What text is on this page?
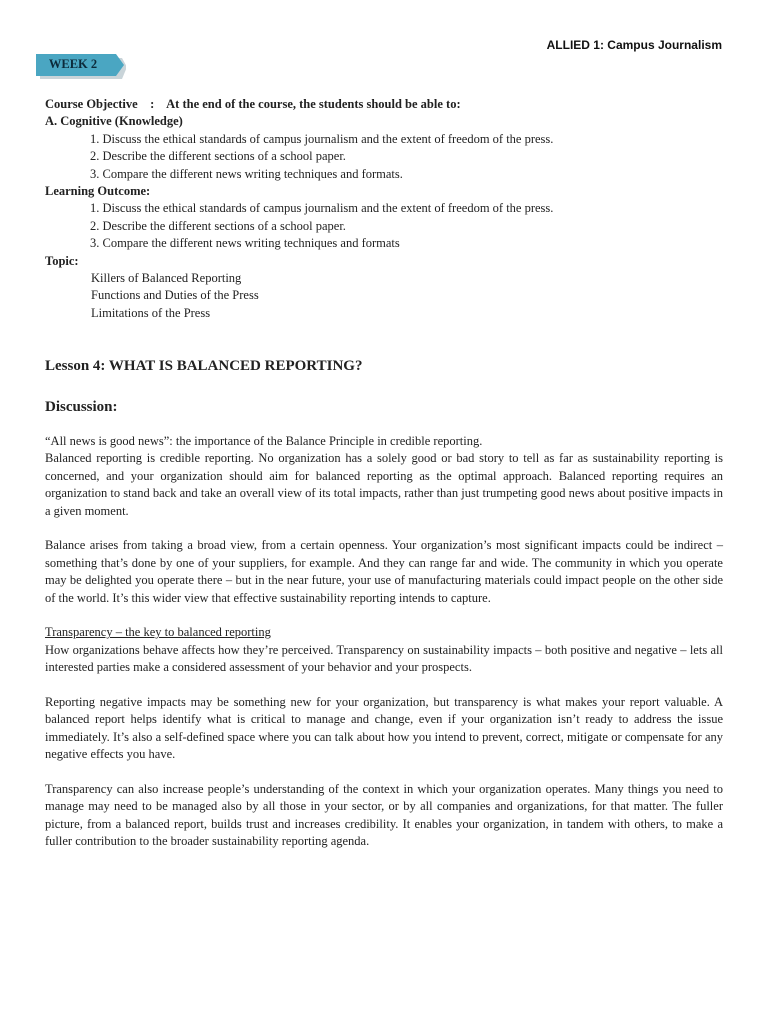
ALLIED 1: Campus Journalism
WEEK 2
Course Objective    :    At the end of the course, the students should be able to:
A. Cognitive (Knowledge)
1. Discuss the ethical standards of campus journalism and the extent of freedom of the press.
2. Describe the different sections of a school paper.
3. Compare the different news writing techniques and formats.
Learning Outcome:
1. Discuss the ethical standards of campus journalism and the extent of freedom of the press.
2. Describe the different sections of a school paper.
3. Compare the different news writing techniques and formats
Topic:
Killers of Balanced Reporting
Functions and Duties of the Press
Limitations of the Press
Lesson 4: WHAT IS BALANCED REPORTING?
Discussion:

“All news is good news”: the importance of the Balance Principle in credible reporting.

Balanced reporting is credible reporting. No organization has a solely good or bad story to tell as far as sustainability reporting is concerned, and your organization should aim for balanced reporting as the optimal approach. Balanced reporting requires an organization to stand back and take an overall view of its total impacts, rather than just trumpeting good news about positive impacts in a given moment.

Balance arises from taking a broad view, from a certain openness. Your organization’s most significant impacts could be indirect – something that’s done by one of your suppliers, for example. And they can range far and wide. The community in which you operate may be delighted you operate there – but in the near future, your use of manufacturing materials could impact people on the other side of the world. It’s this wider view that effective sustainability reporting intends to capture.

Transparency – the key to balanced reporting

How organizations behave affects how they’re perceived. Transparency on sustainability impacts – both positive and negative – lets all interested parties make a considered assessment of your behavior and your prospects.

Reporting negative impacts may be something new for your organization, but transparency is what makes your report valuable. A balanced report helps identify what is critical to manage and change, even if your organization isn’t ready to address the issue immediately. It’s also a self-defined space where you can talk about how you intend to prevent, correct, mitigate or compensate for any negative effects you have.

Transparency can also increase people’s understanding of the context in which your organization operates. Many things you need to manage may need to be managed also by all those in your sector, or by all companies and organizations, for that matter. The fuller picture, from a balanced report, builds trust and increases credibility. It enables your organization, in tandem with others, to make a fuller contribution to the broader sustainability reporting agenda.
